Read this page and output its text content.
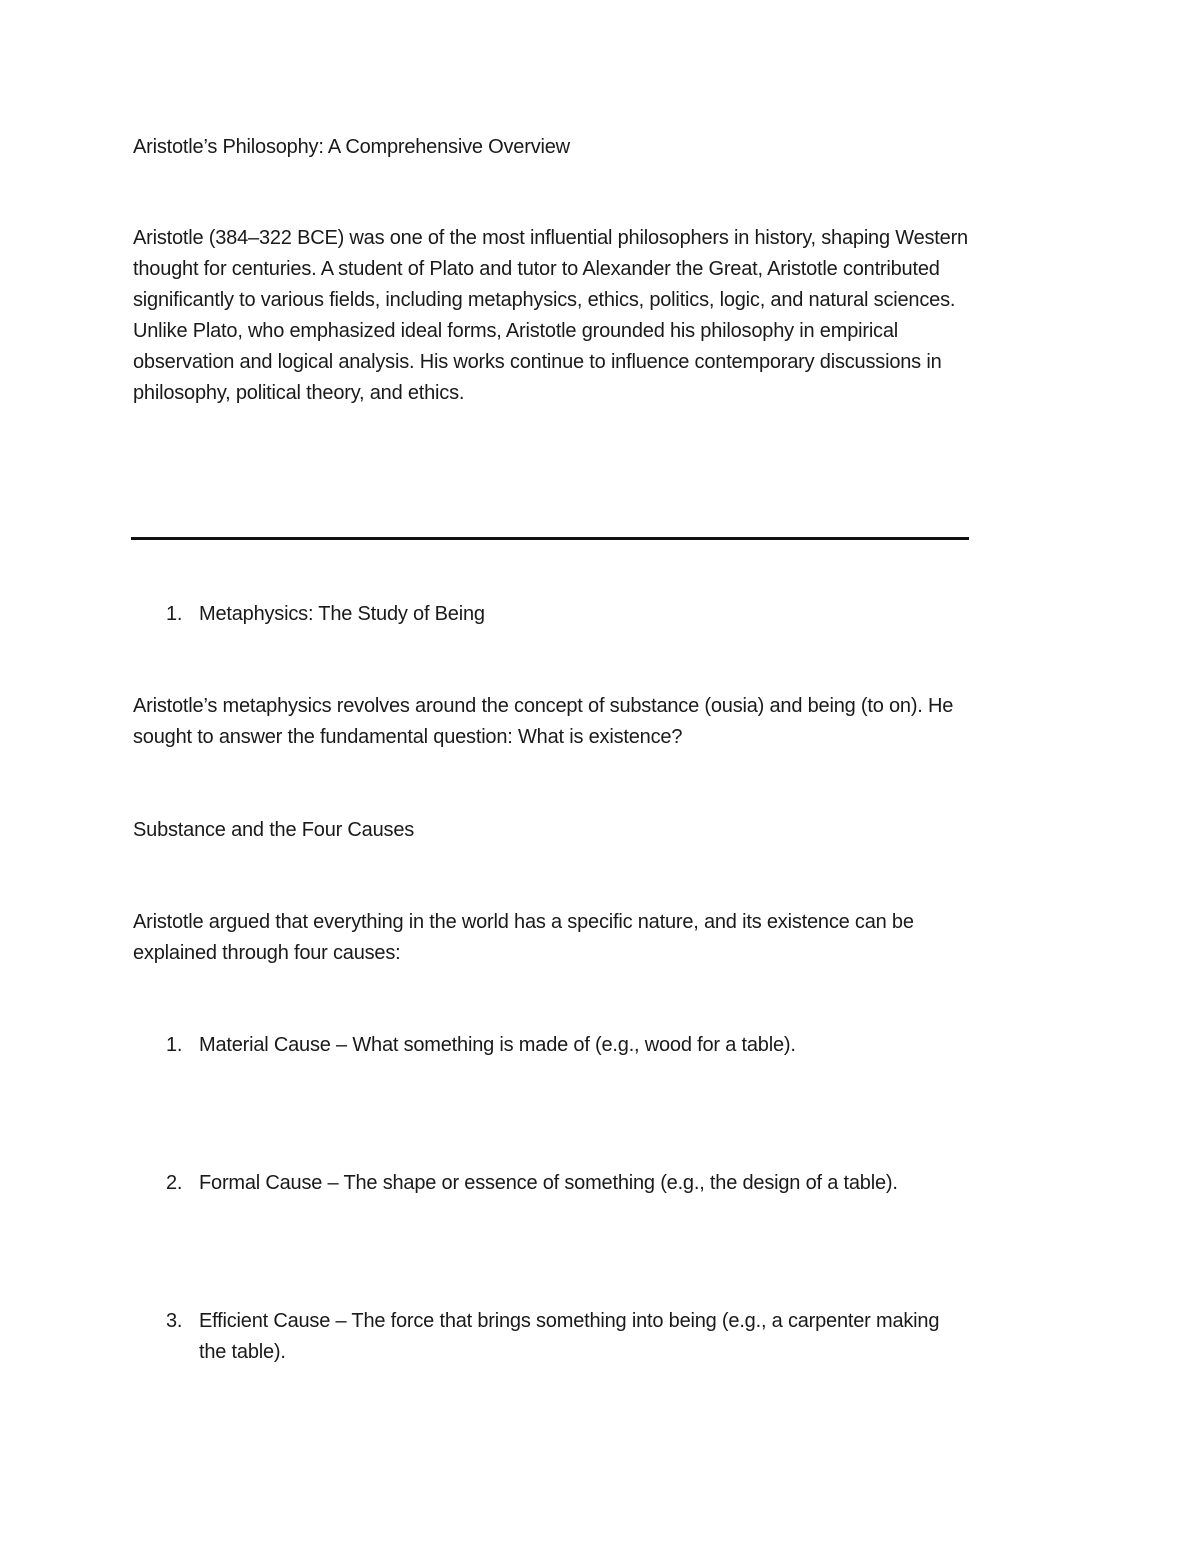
Aristotle’s Philosophy: A Comprehensive Overview

Aristotle (384–322 BCE) was one of the most influential philosophers in history, shaping Western thought for centuries. A student of Plato and tutor to Alexander the Great, Aristotle contributed significantly to various fields, including metaphysics, ethics, politics, logic, and natural sciences. Unlike Plato, who emphasized ideal forms, Aristotle grounded his philosophy in empirical observation and logical analysis. His works continue to influence contemporary discussions in philosophy, political theory, and ethics.

1. Metaphysics: The Study of Being

Aristotle’s metaphysics revolves around the concept of substance (ousia) and being (to on). He sought to answer the fundamental question: What is existence?

Substance and the Four Causes

Aristotle argued that everything in the world has a specific nature, and its existence can be explained through four causes:

1. Material Cause – What something is made of (e.g., wood for a table).
2. Formal Cause – The shape or essence of something (e.g., the design of a table).
3. Efficient Cause – The force that brings something into being (e.g., a carpenter making the table).
